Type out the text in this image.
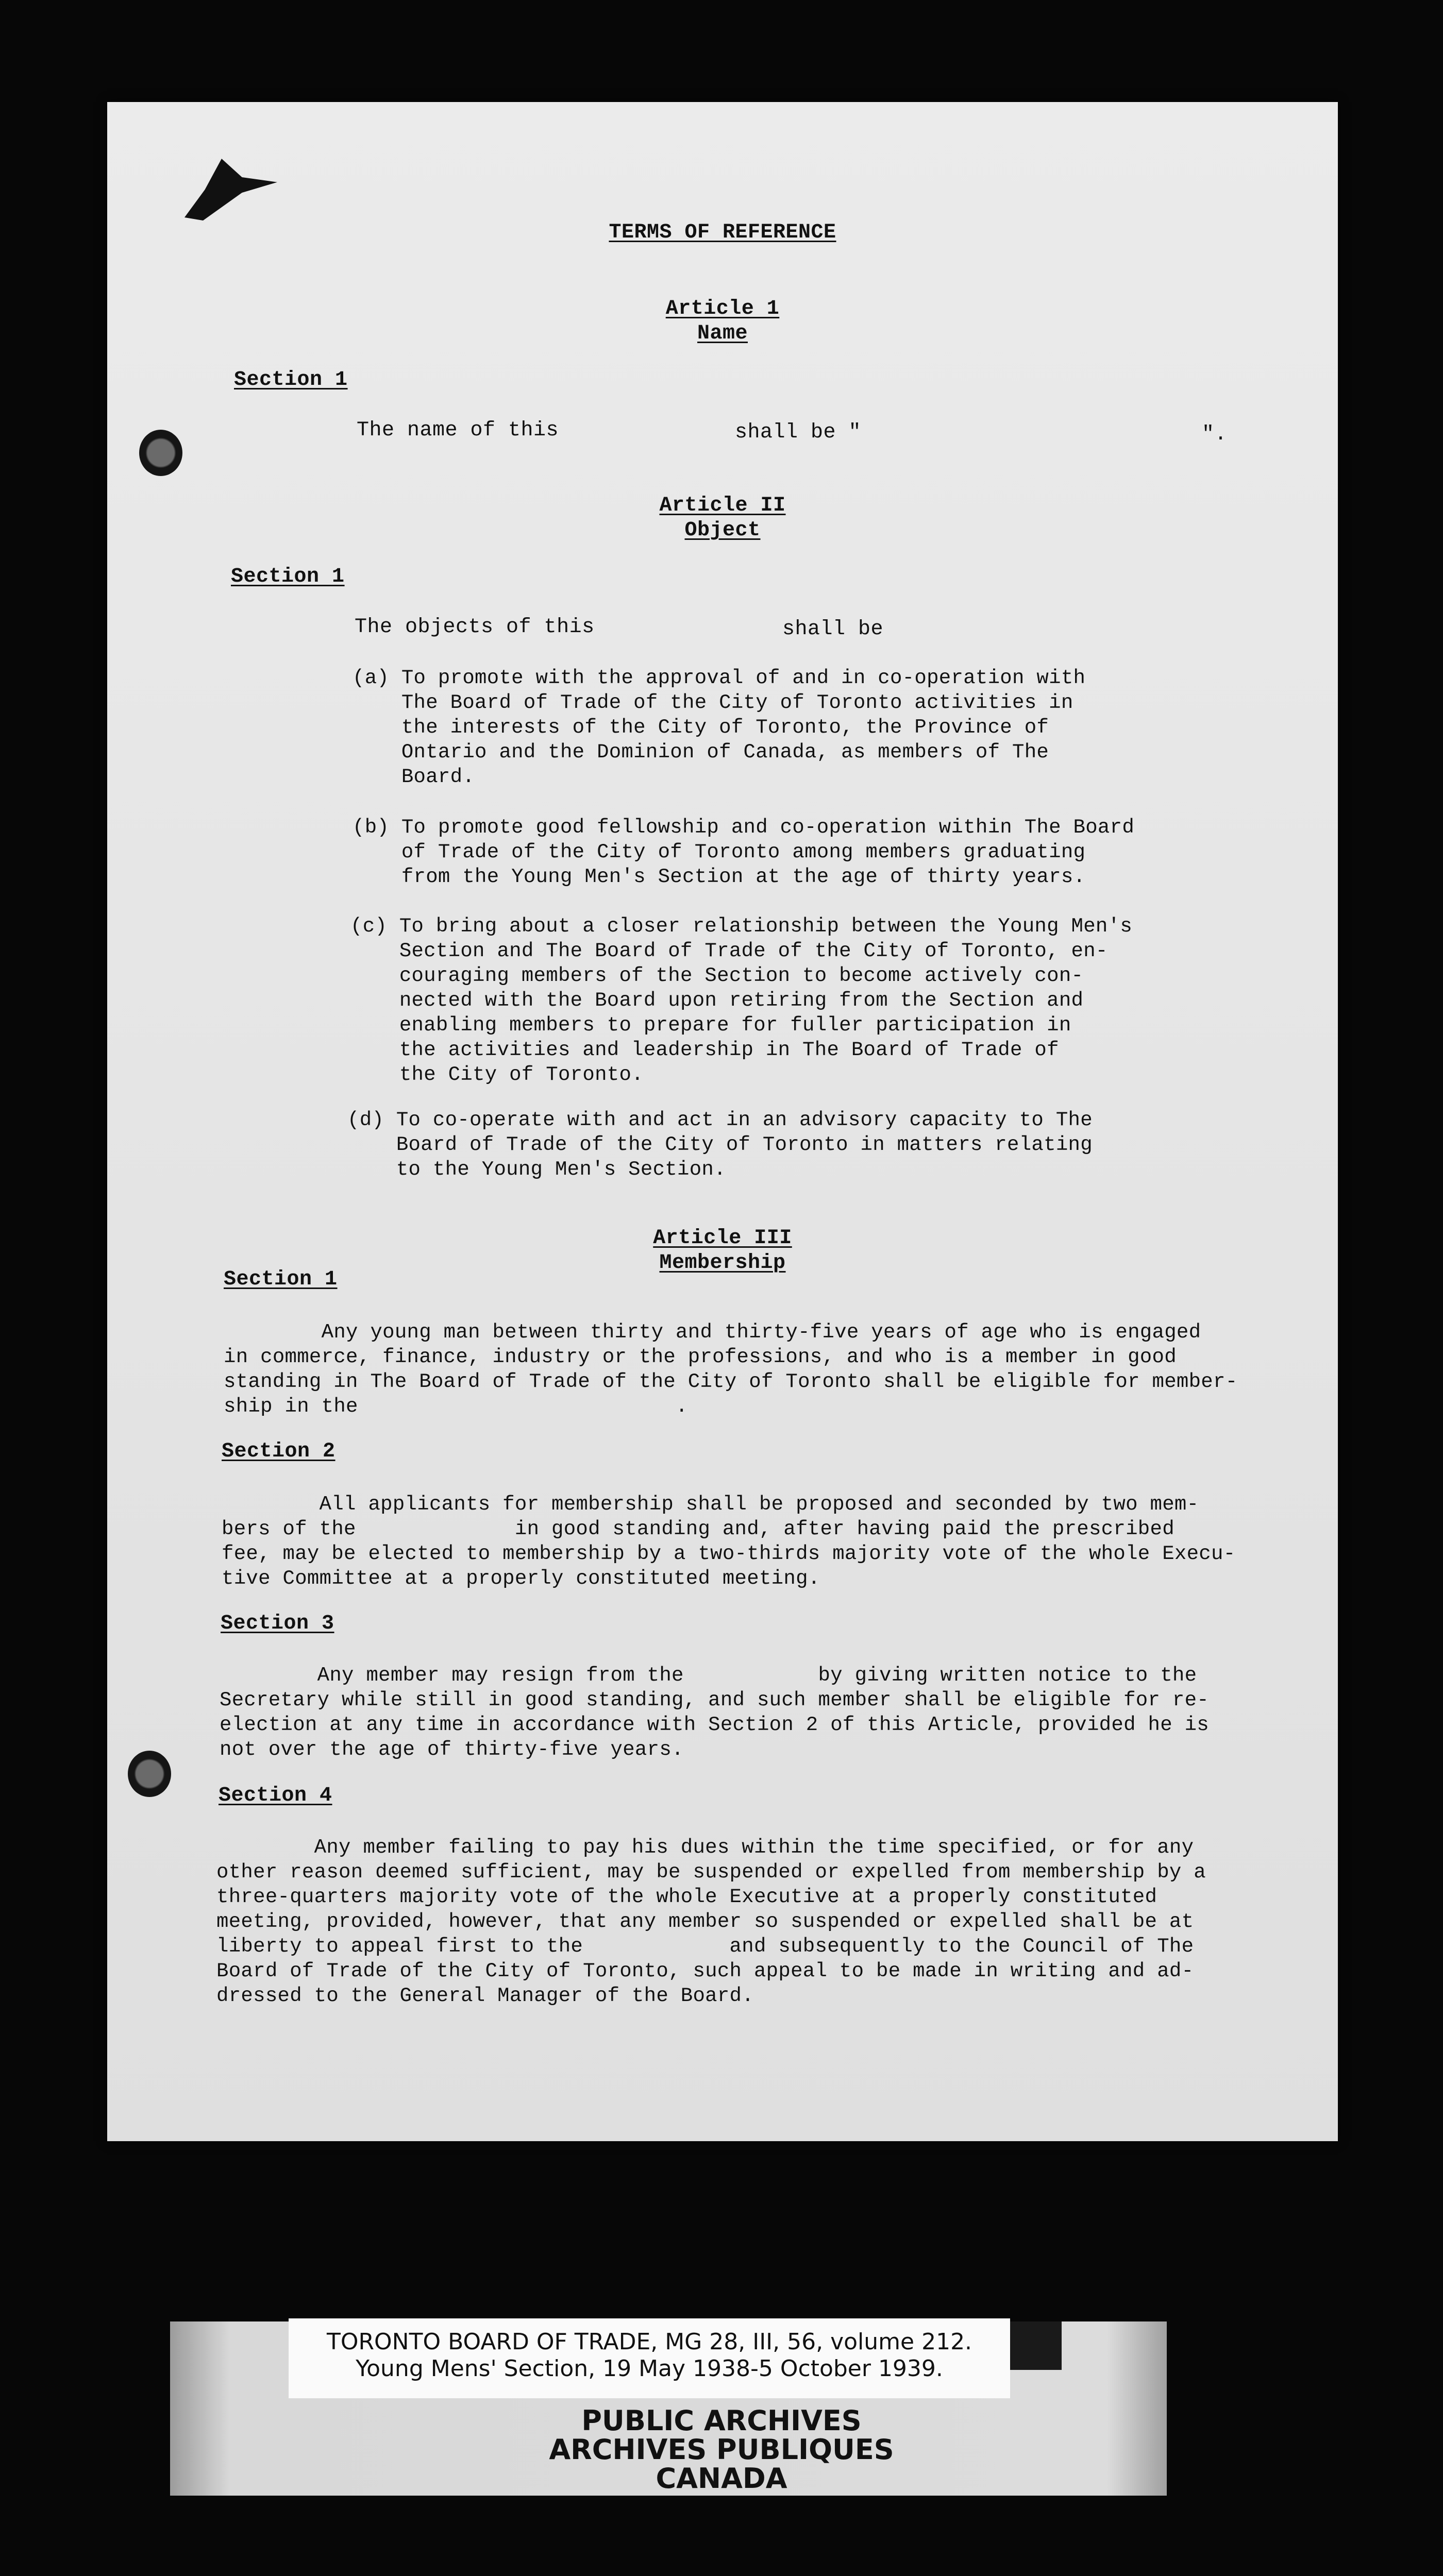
TERMS OF REFERENCE
Article 1
Name
Section 1
The name of this	shall be "	".
Article II
Object
Section 1
The objects of this	shall be
(a) To promote with the approval of and in co-operation with
The Board of Trade of the City of Toronto activities in
the interests of the City of Toronto, the Province of
Ontario and the Dominion of Canada, as members of The
Board.
(b) To promote good fellowship and co-operation within The Board
of Trade of the City of Toronto among members graduating
from the Young Men's Section at the age of thirty years.
(c) To bring about a closer relationship between the Young Men's
Section and The Board of Trade of the City of Toronto, en-
couraging members of the Section to become actively con-
nected with the Board upon retiring from the Section and
enabling members to prepare for fuller participation in
the activities and leadership in The Board of Trade of
the City of Toronto.
(d) To co-operate with and act in an advisory capacity to The
Board of Trade of the City of Toronto in matters relating
to the Young Men's Section.
Article III
Membership
Section 1
Any young man between thirty and thirty-five years of age who is engaged
in commerce, finance, industry or the professions, and who is a member in good
standing in The Board of Trade of the City of Toronto shall be eligible for member-
ship in the                          .
Section 2
All applicants for membership shall be proposed and seconded by two mem-
bers of the             in good standing and, after having paid the prescribed
fee, may be elected to membership by a two-thirds majority vote of the whole Execu-
tive Committee at a properly constituted meeting.
Section 3
Any member may resign from the           by giving written notice to the
Secretary while still in good standing, and such member shall be eligible for re-
election at any time in accordance with Section 2 of this Article, provided he is
not over the age of thirty-five years.
Section 4
Any member failing to pay his dues within the time specified, or for any
other reason deemed sufficient, may be suspended or expelled from membership by a
three-quarters majority vote of the whole Executive at a properly constituted
meeting, provided, however, that any member so suspended or expelled shall be at
liberty to appeal first to the            and subsequently to the Council of The
Board of Trade of the City of Toronto, such appeal to be made in writing and ad-
dressed to the General Manager of the Board.
TORONTO BOARD OF TRADE, MG 28, III, 56, volume 212.
Young Mens' Section, 19 May 1938-5 October 1939.
PUBLIC ARCHIVES
ARCHIVES PUBLIQUES
CANADA
